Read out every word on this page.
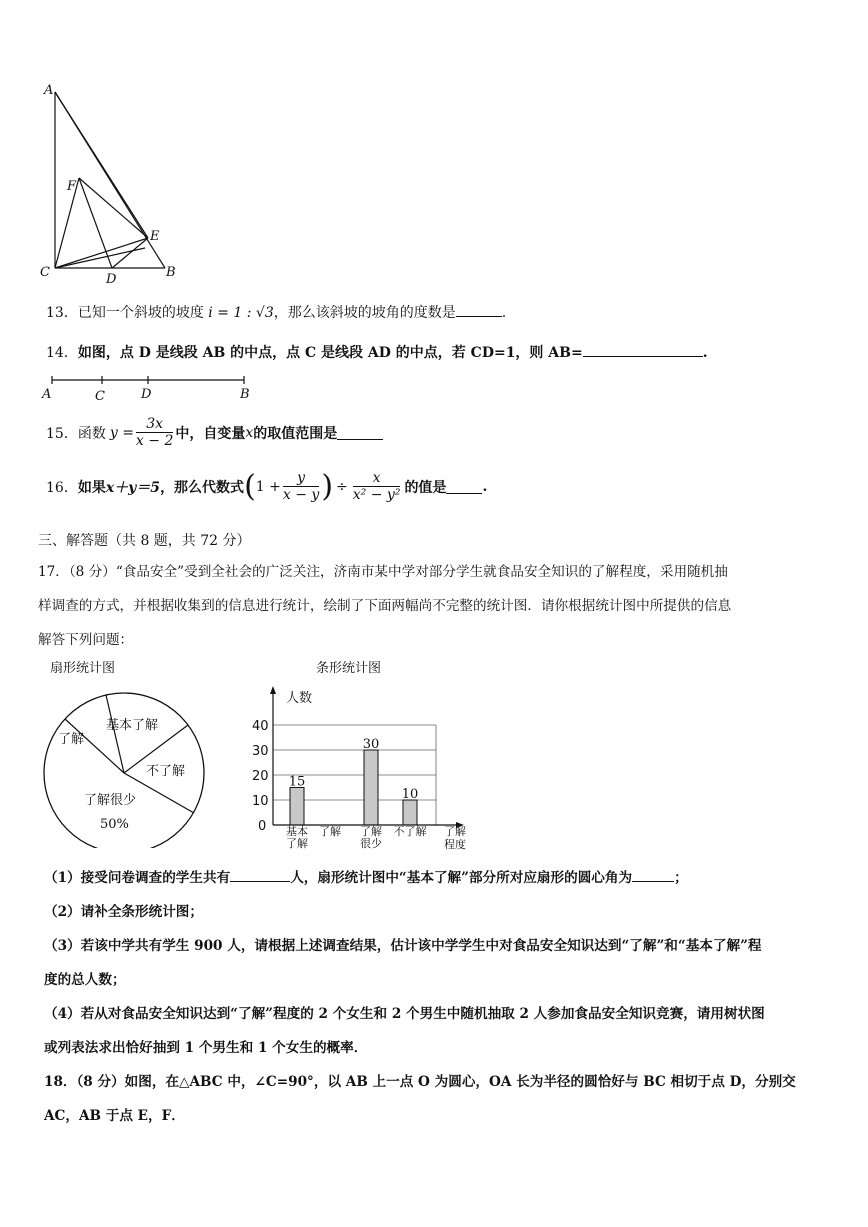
A
F
E
C	D	B
13．已知一个斜坡的坡度 i = 1 : √3，那么该斜坡的坡角的度数是	.
14．如图，点 D 是线段 AB 的中点，点 C 是线段 AD 的中点，若 CD=1，则 AB=	.
A	C	D	B
15． 函数 $y = \frac{3x}{x - 2}$ 中，自变量 x 的取值范围是
16． 如果 x＋y＝5 ，那么代数式 ( $1 + \frac{y}{x - y}$ ) ÷ $\frac{x}{\text{x² − y²}}$ 的值是	.
三、解答题（共 8 题，共 72 分）
17．（8 分）“食品安全”受到全社会的广泛关注，济南市某中学对部分学生就食品安全知识的了解程度，采用随机抽
样调查的方式，并根据收集到的信息进行统计，绘制了下面两幅尚不完整的统计图．请你根据统计图中所提供的信息
解答下列问题：
扇形统计图
基本了解
了解
不了解
了解很少
50%
条形统计图
人数
0
10
20
30
40
15
30
10
基本
了解
了解 了解
很少
不了解 了解
程度
（1）接受问卷调查的学生共有	人，扇形统计图中“基本了解”部分所对应扇形的圆心角为	；
（2）请补全条形统计图；
（3）若该中学共有学生 900 人，请根据上述调查结果，估计该中学学生中对食品安全知识达到“了解”和“基本了解”程
度的总人数；
（4）若从对食品安全知识达到“了解”程度的 2 个女生和 2 个男生中随机抽取 2 人参加食品安全知识竞赛，请用树状图
或列表法求出恰好抽到 1 个男生和 1 个女生的概率．
18．（8 分）如图，在△ABC 中，∠C=90°，以 AB 上一点 O 为圆心，OA 长为半径的圆恰好与 BC 相切于点 D，分别交
AC，AB 于点 E，F．
